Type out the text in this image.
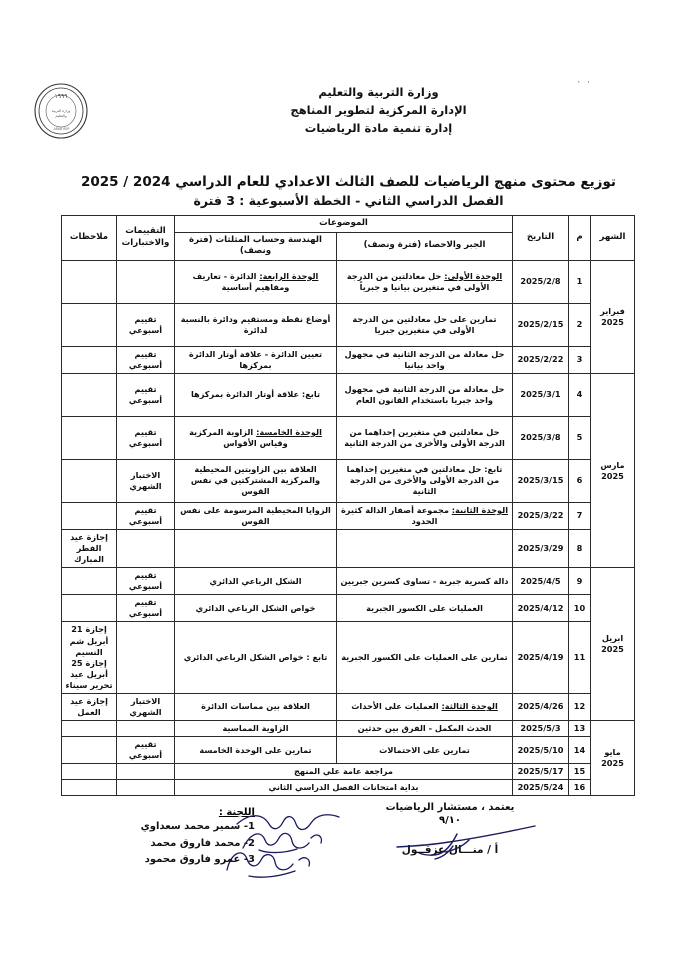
١٩٩٩
وزارة التربية
والتعليم
ARAB REP.
· ·
وزارة التربية والتعليم
الإدارة المركزية لتطوير المناهج
إدارة تنمية مادة الرياضيات
توزيع محتوى منهج الرياضيات للصف الثالث الاعدادي للعام الدراسي 2024 / 2025
الفصل الدراسي الثاني - الخطة الأسبوعية : 3 فترة
الشهر	م	التاريخ	الموضوعات		التقييمات والاختبارات	ملاحظات
			الجبر والاحصاء (فترة ونصف)	الهندسة وحساب المثلثات (فترة ونصف)		
فبراير
2025	1	2025/2/8	الوحدة الأولى: حل معادلتين من الدرجة الأولى في متغيرين بيانيا و جبرياً	الوحدة الرابعة: الدائرة - تعاريف ومفاهيم أساسية		
	2	2025/2/15	تمارين على حل معادلتين من الدرجة الأولى في متغيرين جبريا	أوضاع نقطة ومستقيم ودائرة بالنسبة لدائرة	تقييم أسبوعي	
	3	2025/2/22	حل معادلة من الدرجة الثانية في مجهول واحد بيانيا	تعيين الدائرة - علاقة أوتار الدائرة بمركزها	تقييم أسبوعي	
مارس
2025	4	2025/3/1	حل معادلة من الدرجة الثانية في مجهول واحد جبريا باستخدام القانون العام	تابع: علاقة أوتار الدائرة بمركزها	تقييم أسبوعي	
	5	2025/3/8	حل معادلتين في متغيرين إحداهما من الدرجة الأولى والأخرى من الدرجة الثانية	الوحدة الخامسة: الزاوية المركزية وقياس الأقواس	تقييم أسبوعي	
	6	2025/3/15	تابع: حل معادلتين في متغيرين إحداهما من الدرجة الأولى والأخرى من الدرجة الثانية	العلاقة بين الزاويتين المحيطية والمركزية المشتركتين في نفس القوس	الاختبار الشهري	
	7	2025/3/22	الوحدة الثانية: مجموعة أصفار الدالة كثيرة الحدود	الزوايا المحيطية المرسومة على نفس القوس	تقييم أسبوعي	
	8	2025/3/29				إجازة عيد الفطر المبارك
ابريل
2025	9	2025/4/5	دالة كسرية جبرية - تساوى كسرين جبريين	الشكل الرباعي الدائري	تقييم أسبوعي	
	10	2025/4/12	العمليات على الكسور الجبرية	خواص الشكل الرباعي الدائري	تقييم أسبوعي	
	11	2025/4/19	تمارين على العمليات على الكسور الجبرية	تابع : خواص الشكل الرباعي الدائري		إجازة 21 أبريل شم النسيم
إجازة 25 أبريل عيد تحرير سيناء
	12	2025/4/26	الوحدة الثالثة: العمليات على الأحداث	العلاقة بين مماسات الدائرة	الاختبار الشهري	إجازة عيد العمل
مايو
2025	13	2025/5/3	الحدث المكمل - الفرق بين حدثين	الزاوية المماسية		
	14	2025/5/10	تمارين على الاحتمالات	تمارين على الوحدة الخامسة	تقييم أسبوعي	
	15	2025/5/17	مراجعة عامة علي المنهج			
	16	2025/5/24	بداية امتحانات الفصل الدراسي الثاني			
اللجنة :
1- سمير محمد سعداوي
2- محمد فاروق محمد
3- عمرو فاروق محمود
يعتمد ، مستشار الرياضيات
٩/١٠
أ / منـــال عزقــول
